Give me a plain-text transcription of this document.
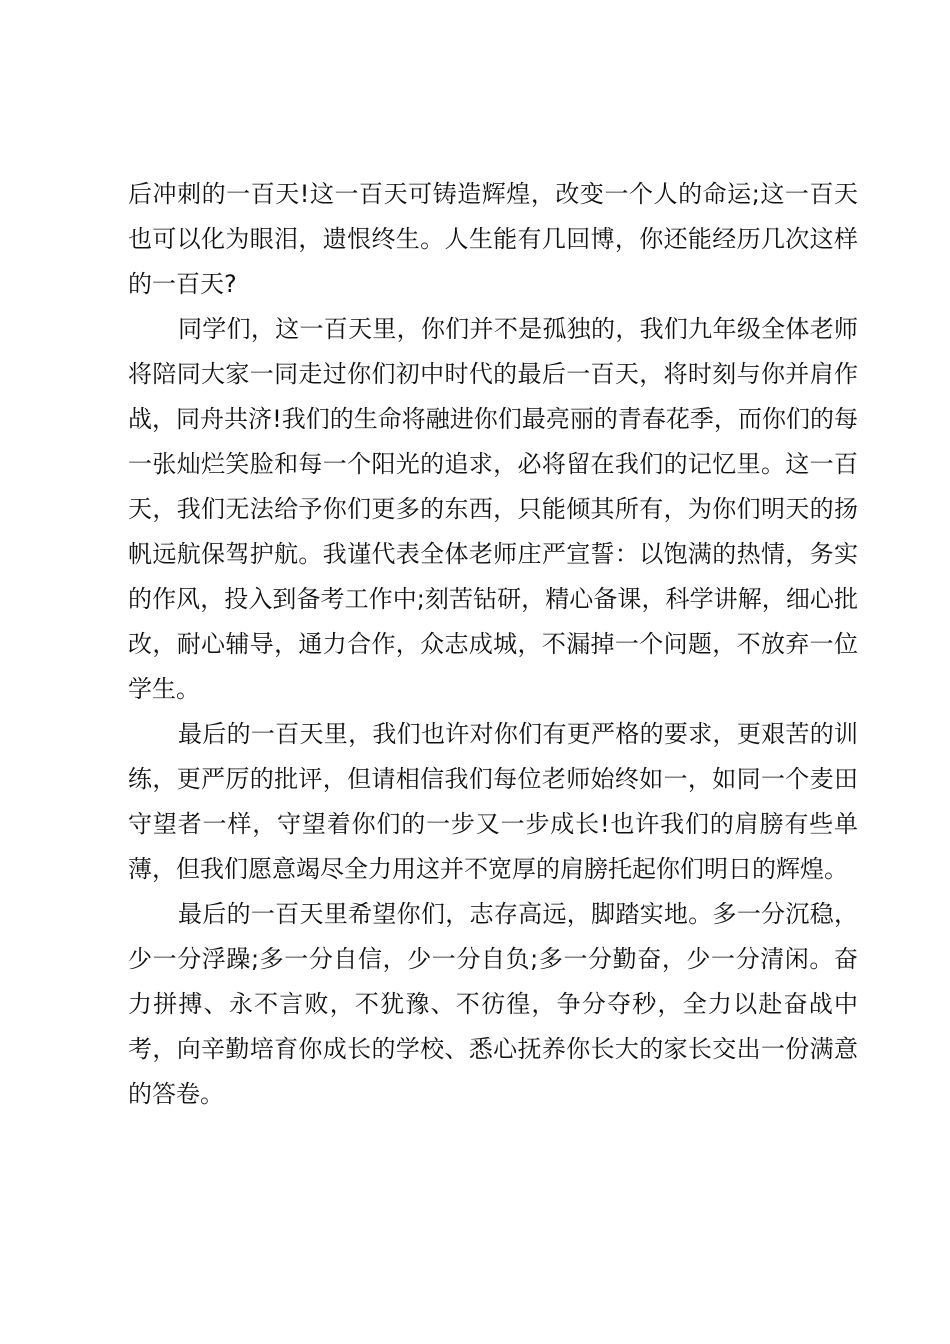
后冲刺的一百天!这一百天可铸造辉煌，改变一个人的命运;这一百天也可以化为眼泪，遗恨终生。人生能有几回博，你还能经历几次这样的一百天?

同学们，这一百天里，你们并不是孤独的，我们九年级全体老师将陪同大家一同走过你们初中时代的最后一百天，将时刻与你并肩作战，同舟共济!我们的生命将融进你们最亮丽的青春花季，而你们的每一张灿烂笑脸和每一个阳光的追求，必将留在我们的记忆里。这一百天，我们无法给予你们更多的东西，只能倾其所有，为你们明天的扬帆远航保驾护航。我谨代表全体老师庄严宣誓：以饱满的热情，务实的作风，投入到备考工作中;刻苦钻研，精心备课，科学讲解，细心批改，耐心辅导，通力合作，众志成城，不漏掉一个问题，不放弃一位学生。

最后的一百天里，我们也许对你们有更严格的要求，更艰苦的训练，更严厉的批评，但请相信我们每位老师始终如一，如同一个麦田守望者一样，守望着你们的一步又一步成长!也许我们的肩膀有些单薄，但我们愿意竭尽全力用这并不宽厚的肩膀托起你们明日的辉煌。

最后的一百天里希望你们，志存高远，脚踏实地。多一分沉稳，少一分浮躁;多一分自信，少一分自负;多一分勤奋，少一分清闲。奋力拼搏、永不言败，不犹豫、不彷徨，争分夺秒，全力以赴奋战中考，向辛勤培育你成长的学校、悉心抚养你长大的家长交出一份满意的答卷。
